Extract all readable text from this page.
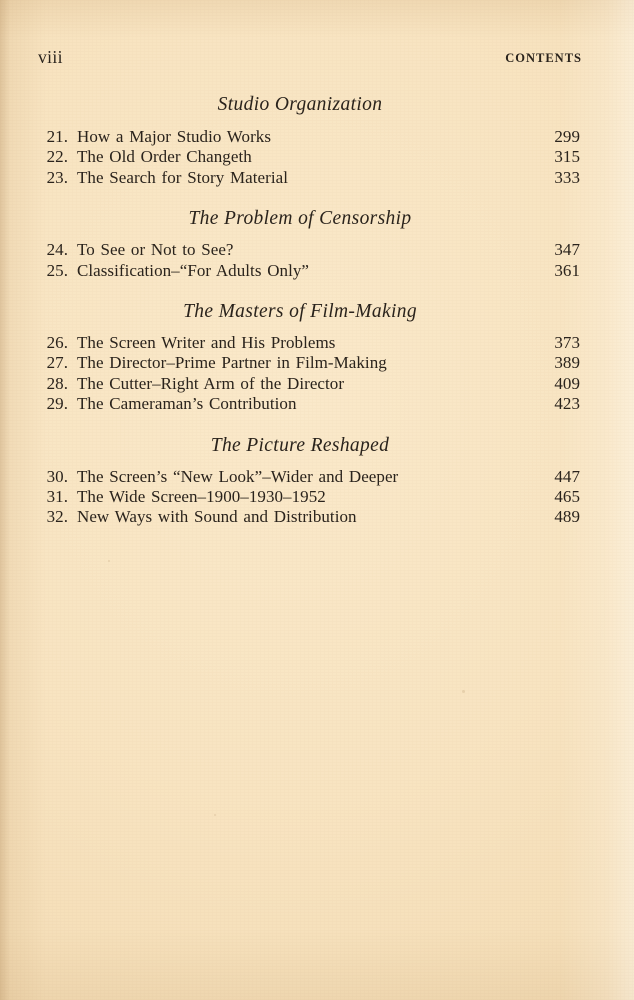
viii	CONTENTS
Studio Organization
21. How a Major Studio Works	299
22. The Old Order Changeth	315
23. The Search for Story Material	333
The Problem of Censorship
24. To See or Not to See?	347
25. Classification–“For Adults Only”	361
The Masters of Film-Making
26. The Screen Writer and His Problems	373
27. The Director–Prime Partner in Film-Making	389
28. The Cutter–Right Arm of the Director	409
29. The Cameraman’s Contribution	423
The Picture Reshaped
30. The Screen’s “New Look”–Wider and Deeper	447
31. The Wide Screen–1900–1930–1952	465
32. New Ways with Sound and Distribution	489
